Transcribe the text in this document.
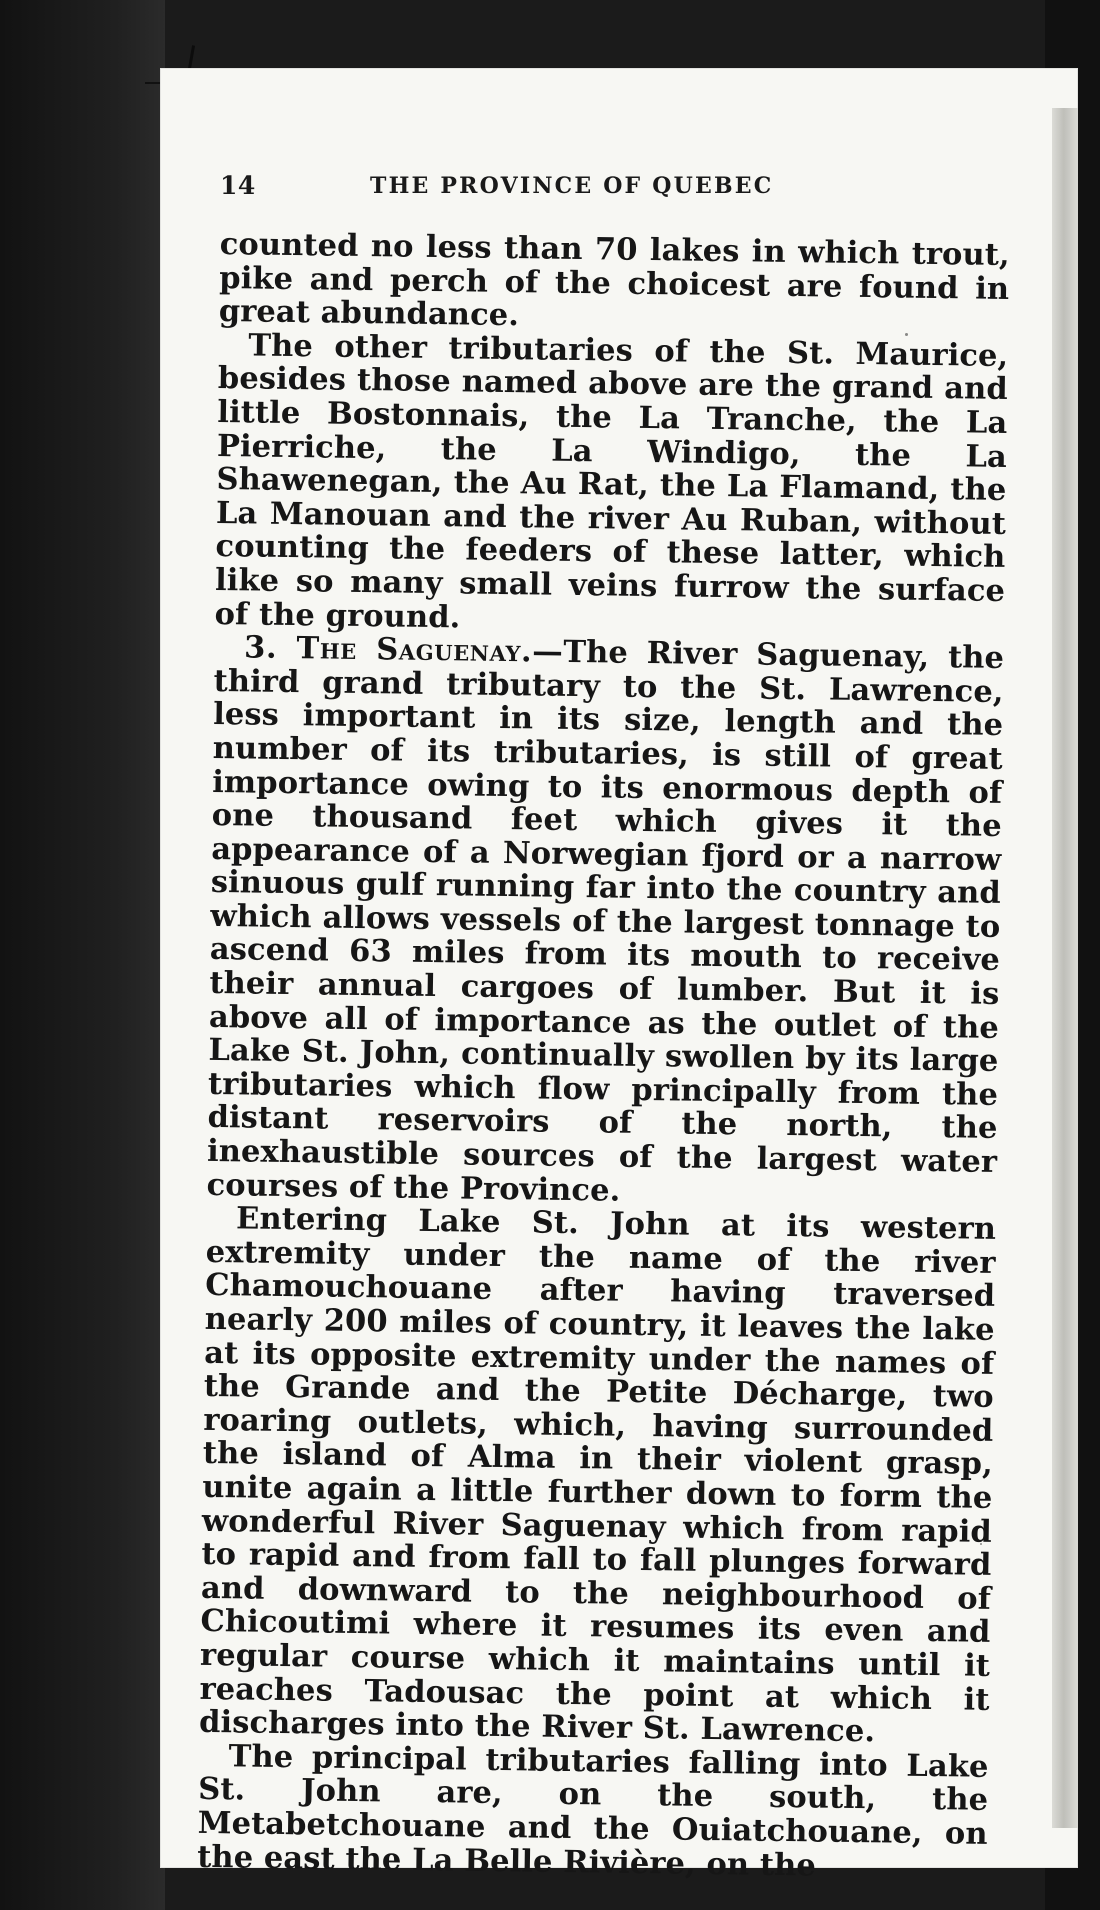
14	THE PROVINCE OF QUEBEC

counted no less than 70 lakes in which trout, pike and perch of the choicest are found in great abundance.

The other tributaries of the St. Maurice, besides those named above are the grand and little Bostonnais, the La Tranche, the La Pierriche, the La Windigo, the La Shawenegan, the Au Rat, the La Flamand, the La Manouan and the river Au Ruban, without counting the feeders of these latter, which like so many small veins furrow the surface of the ground.

3. The Saguenay.—The River Saguenay, the third grand tributary to the St. Lawrence, less important in its size, length and the number of its tributaries, is still of great importance owing to its enormous depth of one thousand feet which gives it the appearance of a Norwegian fjord or a narrow sinuous gulf running far into the country and which allows vessels of the largest tonnage to ascend 63 miles from its mouth to receive their annual cargoes of lumber. But it is above all of importance as the outlet of the Lake St. John, continually swollen by its large tributaries which flow principally from the distant reservoirs of the north, the inexhaustible sources of the largest water courses of the Province.

Entering Lake St. John at its western extremity under the name of the river Chamouchouane after having traversed nearly 200 miles of country, it leaves the lake at its opposite extremity under the names of the Grande and the Petite Décharge, two roaring outlets, which, having surrounded the island of Alma in their violent grasp, unite again a little further down to form the wonderful River Saguenay which from rapid to rapid and from fall to fall plunges forward and downward to the neighbourhood of Chicoutimi where it resumes its even and regular course which it maintains until it reaches Tadousac the point at which it discharges into the River St. Lawrence.

The principal tributaries falling into Lake St. John are, on the south, the Metabetchouane and the Ouiatchouane, on the east the La Belle Rivière, on the
